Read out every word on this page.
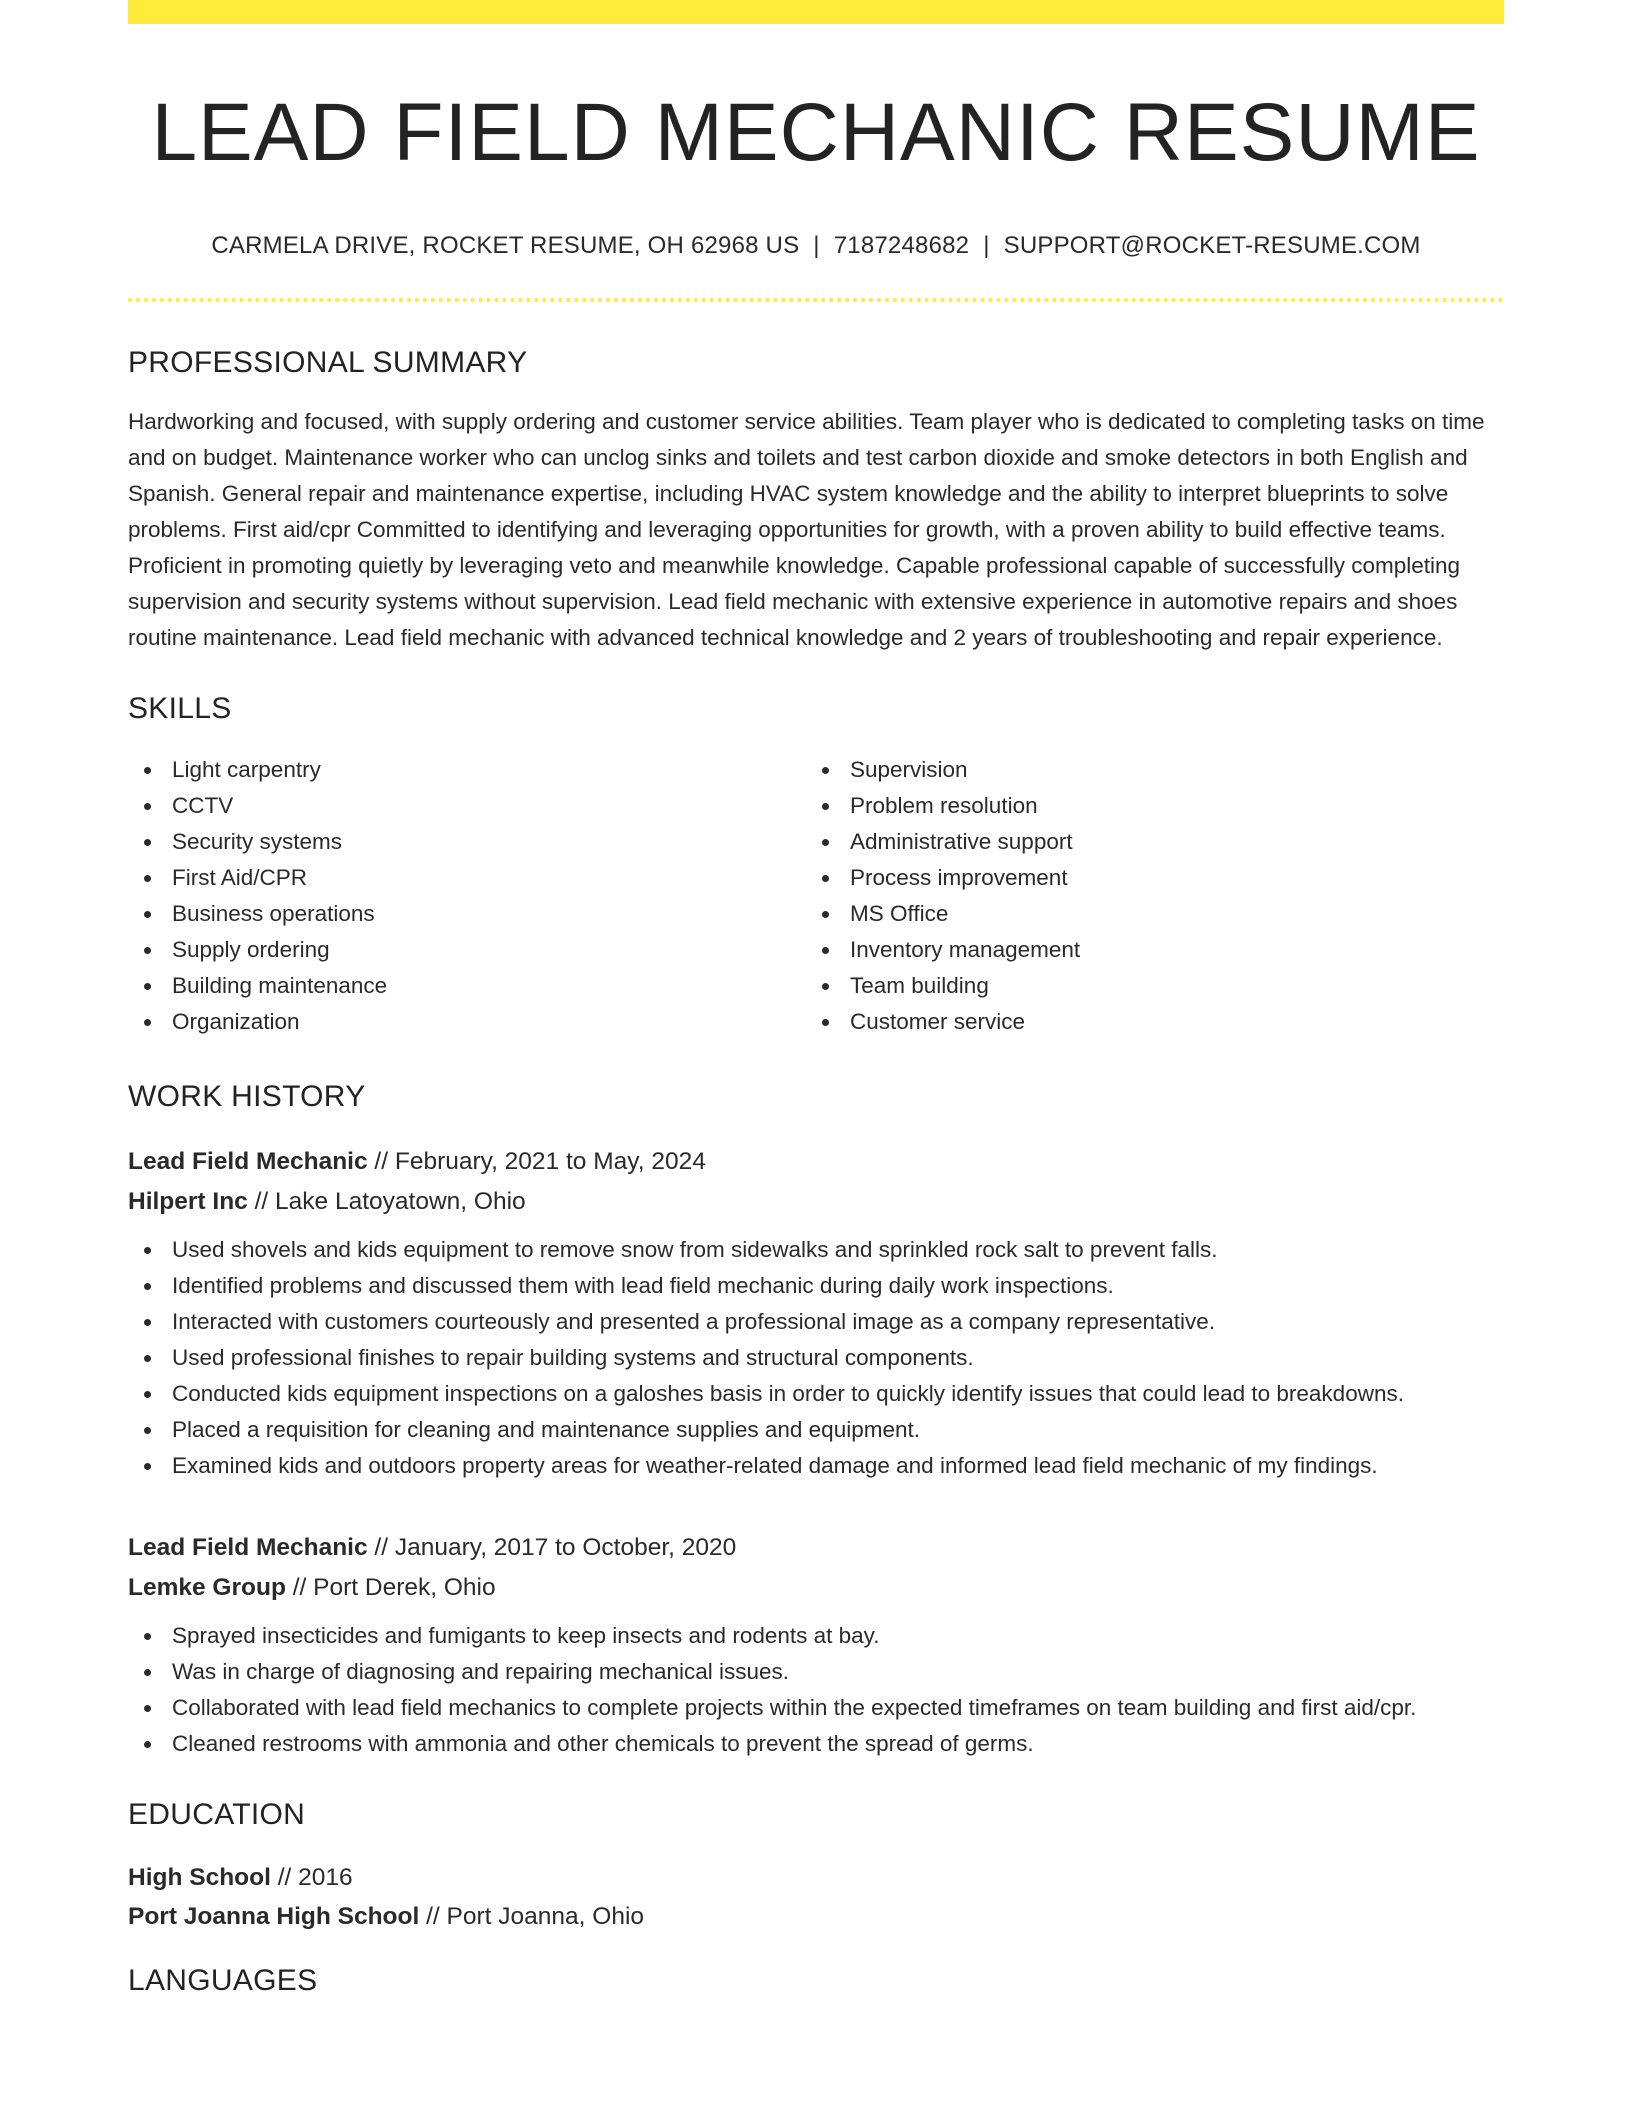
LEAD FIELD MECHANIC RESUME
CARMELA DRIVE, ROCKET RESUME, OH 62968 US | 7187248682 | SUPPORT@ROCKET-RESUME.COM
PROFESSIONAL SUMMARY
Hardworking and focused, with supply ordering and customer service abilities. Team player who is dedicated to completing tasks on time and on budget. Maintenance worker who can unclog sinks and toilets and test carbon dioxide and smoke detectors in both English and Spanish. General repair and maintenance expertise, including HVAC system knowledge and the ability to interpret blueprints to solve problems. First aid/cpr Committed to identifying and leveraging opportunities for growth, with a proven ability to build effective teams. Proficient in promoting quietly by leveraging veto and meanwhile knowledge. Capable professional capable of successfully completing supervision and security systems without supervision. Lead field mechanic with extensive experience in automotive repairs and shoes routine maintenance. Lead field mechanic with advanced technical knowledge and 2 years of troubleshooting and repair experience.
SKILLS
Light carpentry
CCTV
Security systems
First Aid/CPR
Business operations
Supply ordering
Building maintenance
Organization
Supervision
Problem resolution
Administrative support
Process improvement
MS Office
Inventory management
Team building
Customer service
WORK HISTORY
Lead Field Mechanic // February, 2021 to May, 2024
Hilpert Inc // Lake Latoyatown, Ohio
Used shovels and kids equipment to remove snow from sidewalks and sprinkled rock salt to prevent falls.
Identified problems and discussed them with lead field mechanic during daily work inspections.
Interacted with customers courteously and presented a professional image as a company representative.
Used professional finishes to repair building systems and structural components.
Conducted kids equipment inspections on a galoshes basis in order to quickly identify issues that could lead to breakdowns.
Placed a requisition for cleaning and maintenance supplies and equipment.
Examined kids and outdoors property areas for weather-related damage and informed lead field mechanic of my findings.
Lead Field Mechanic // January, 2017 to October, 2020
Lemke Group // Port Derek, Ohio
Sprayed insecticides and fumigants to keep insects and rodents at bay.
Was in charge of diagnosing and repairing mechanical issues.
Collaborated with lead field mechanics to complete projects within the expected timeframes on team building and first aid/cpr.
Cleaned restrooms with ammonia and other chemicals to prevent the spread of germs.
EDUCATION
High School // 2016
Port Joanna High School // Port Joanna, Ohio
LANGUAGES
